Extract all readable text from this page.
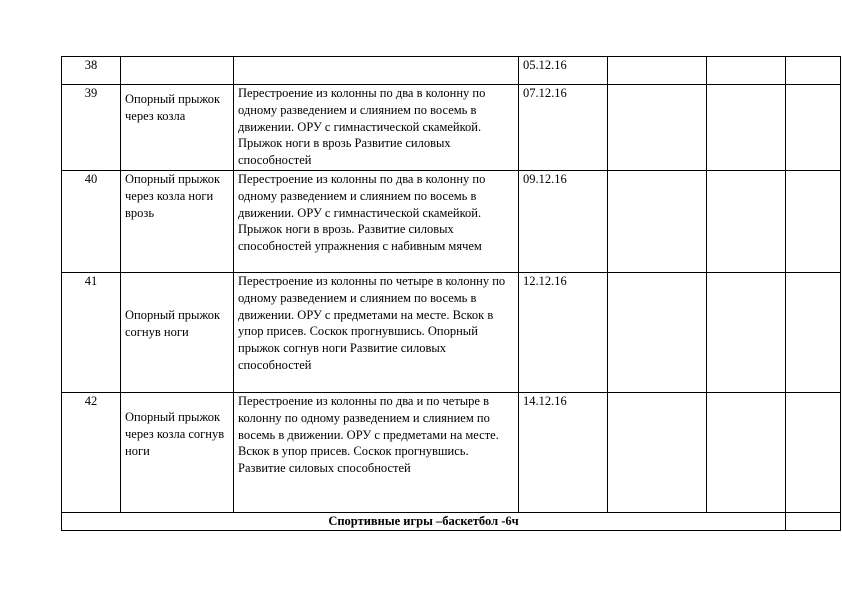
38			05.12.16			
39	Опорный прыжок через козла	Перестроение из колонны по два в колонну по одному разведением и слиянием по восемь в движении. ОРУ с гимнастической скамейкой. Прыжок ноги в врозь Развитие силовых способностей	07.12.16			
40	Опорный прыжок через козла ноги врозь	Перестроение из колонны по два в колонну по одному разведением и слиянием по восемь в движении. ОРУ с гимнастической скамейкой. Прыжок ноги в врозь. Развитие силовых способностей упражнения с набивным мячем	09.12.16			
41	Опорный прыжок согнув ноги	Перестроение из колонны по четыре в колонну по одному разведением и слиянием по восемь в движении. ОРУ с предметами на месте. Вскок в упор присев. Соскок прогнувшись. Опорный прыжок согнув ноги Развитие силовых способностей	12.12.16			
42	Опорный прыжок через козла согнув ноги	Перестроение из колонны по два и по четыре в колонну по одному разведением и слиянием по восемь в движении. ОРУ с предметами на месте. Вскок в упор присев. Соскок прогнувшись. Развитие силовых способностей	14.12.16			
Спортивные игры –баскетбол -6ч						
